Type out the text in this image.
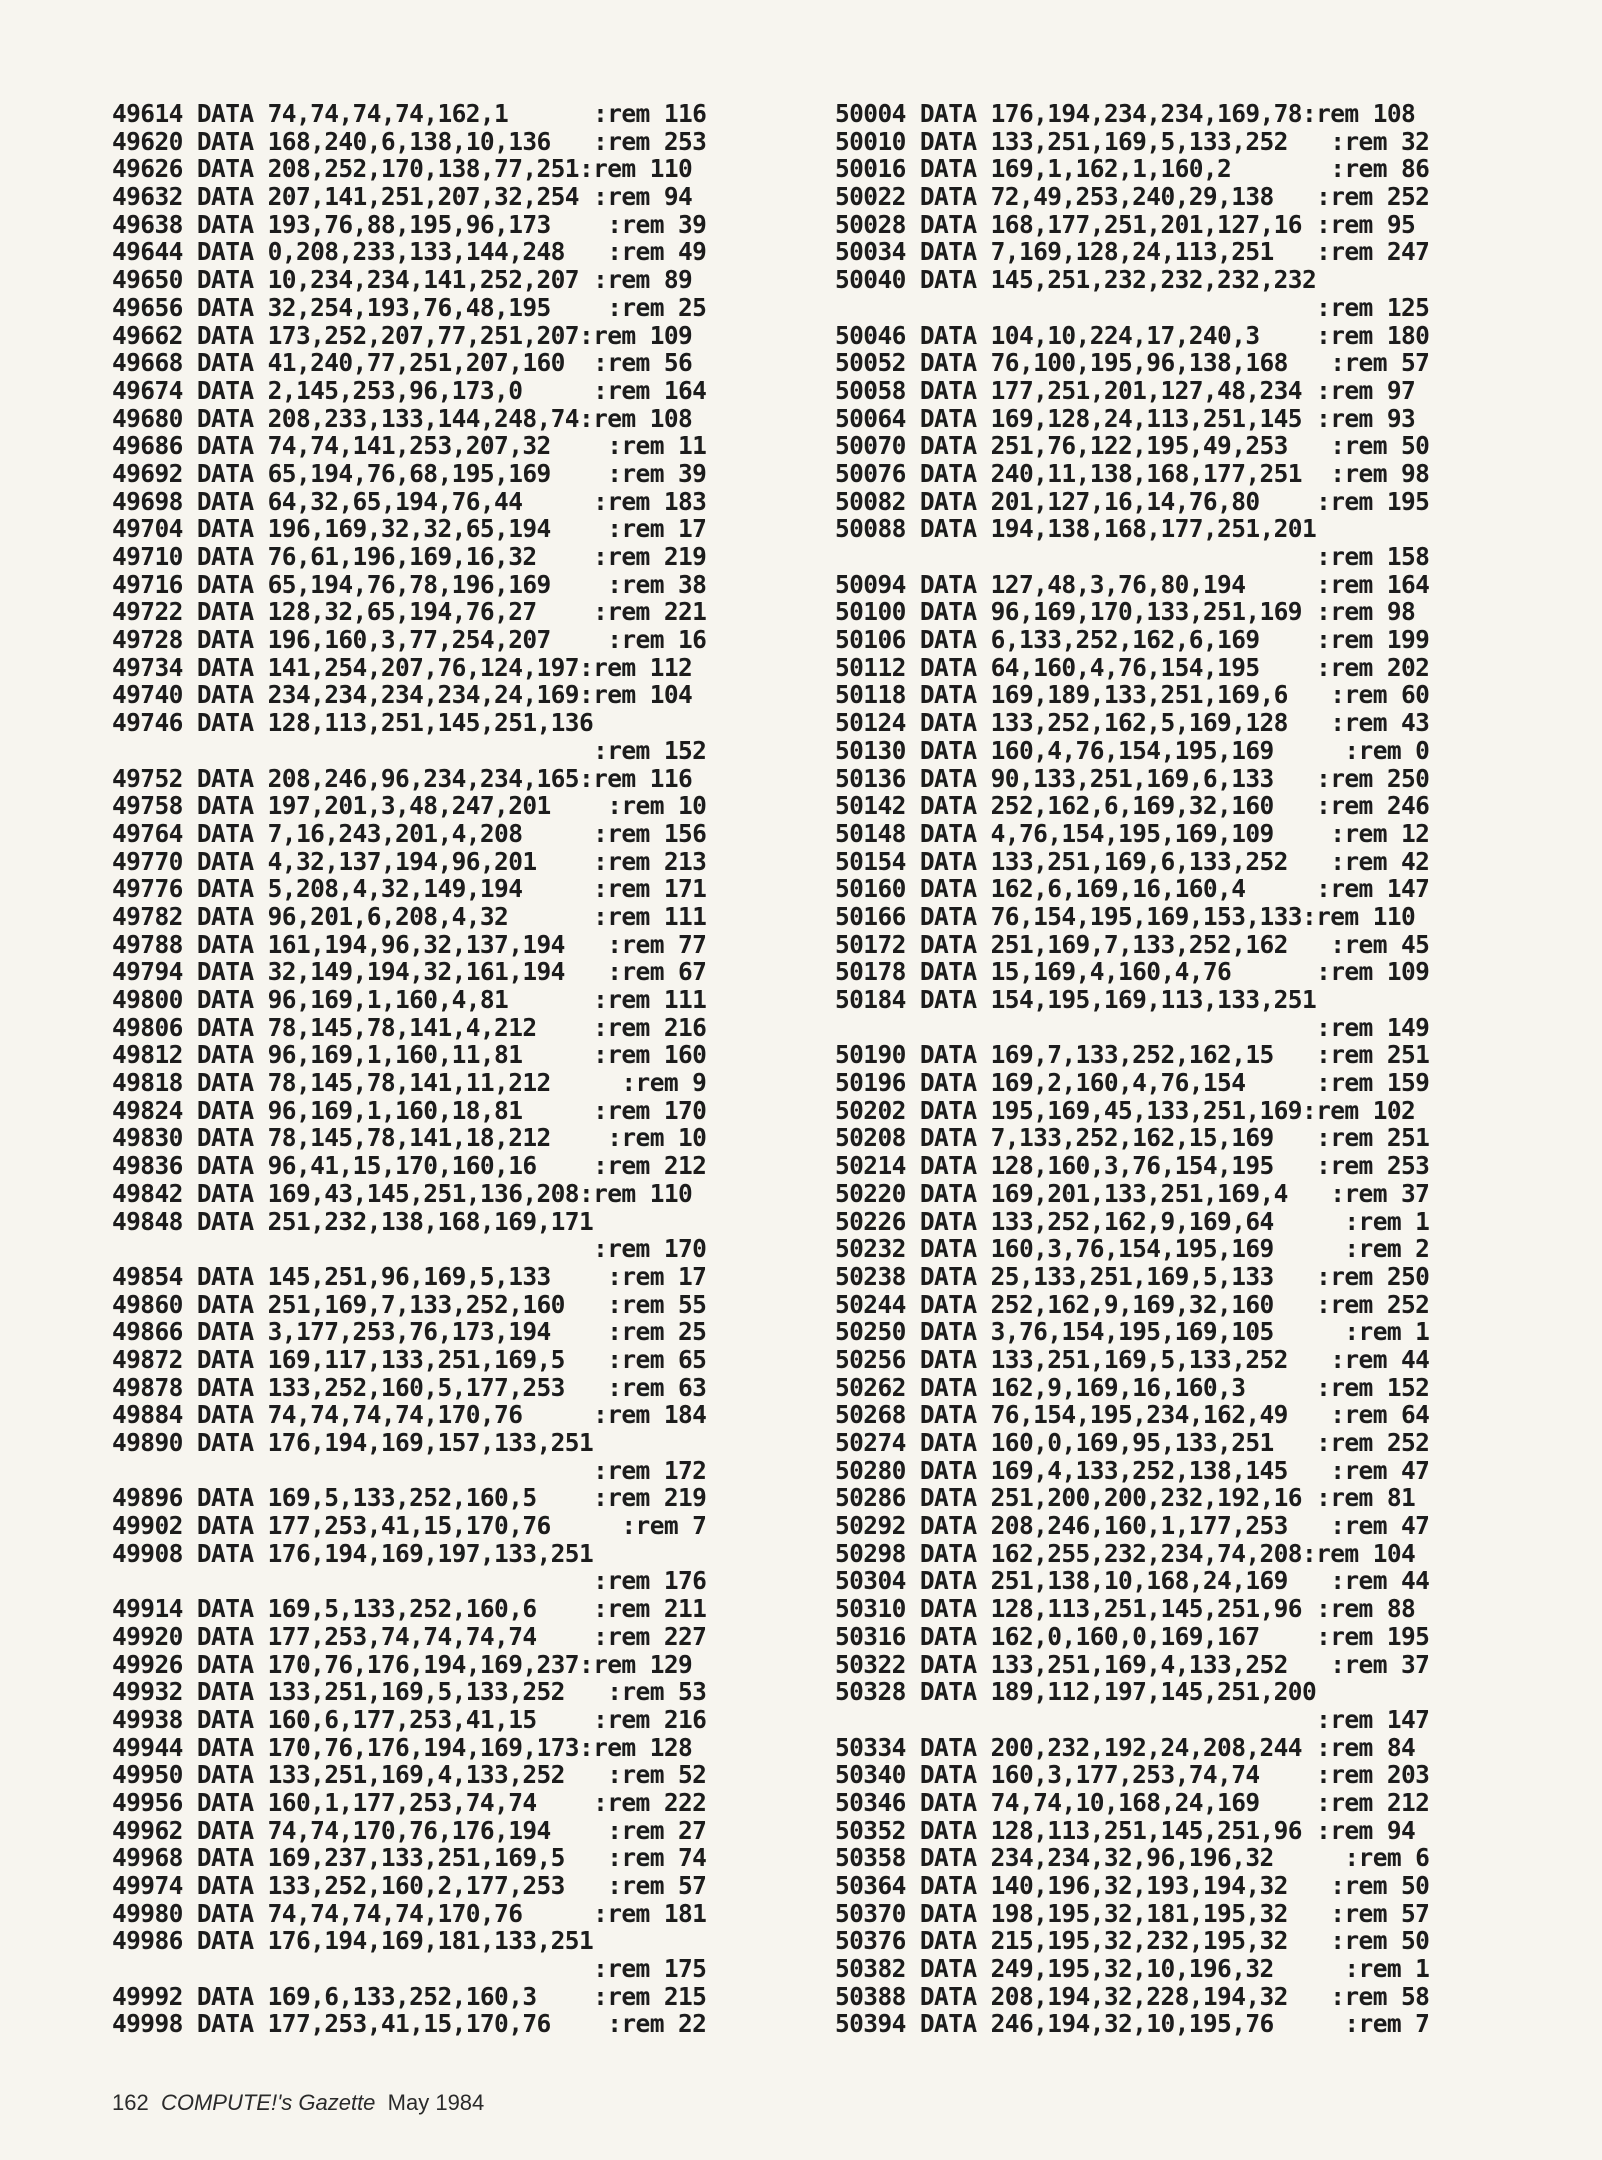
49614 DATA 74,74,74,74,162,1      :rem 116
49620 DATA 168,240,6,138,10,136   :rem 253
49626 DATA 208,252,170,138,77,251:rem 110
49632 DATA 207,141,251,207,32,254 :rem 94
49638 DATA 193,76,88,195,96,173    :rem 39
49644 DATA 0,208,233,133,144,248   :rem 49
49650 DATA 10,234,234,141,252,207 :rem 89
49656 DATA 32,254,193,76,48,195    :rem 25
49662 DATA 173,252,207,77,251,207:rem 109
49668 DATA 41,240,77,251,207,160  :rem 56
49674 DATA 2,145,253,96,173,0     :rem 164
49680 DATA 208,233,133,144,248,74:rem 108
49686 DATA 74,74,141,253,207,32    :rem 11
49692 DATA 65,194,76,68,195,169    :rem 39
49698 DATA 64,32,65,194,76,44     :rem 183
49704 DATA 196,169,32,32,65,194    :rem 17
49710 DATA 76,61,196,169,16,32    :rem 219
49716 DATA 65,194,76,78,196,169    :rem 38
49722 DATA 128,32,65,194,76,27    :rem 221
49728 DATA 196,160,3,77,254,207    :rem 16
49734 DATA 141,254,207,76,124,197:rem 112
49740 DATA 234,234,234,234,24,169:rem 104
49746 DATA 128,113,251,145,251,136
:rem 152
49752 DATA 208,246,96,234,234,165:rem 116
49758 DATA 197,201,3,48,247,201    :rem 10
49764 DATA 7,16,243,201,4,208     :rem 156
49770 DATA 4,32,137,194,96,201    :rem 213
49776 DATA 5,208,4,32,149,194     :rem 171
49782 DATA 96,201,6,208,4,32      :rem 111
49788 DATA 161,194,96,32,137,194   :rem 77
49794 DATA 32,149,194,32,161,194   :rem 67
49800 DATA 96,169,1,160,4,81      :rem 111
49806 DATA 78,145,78,141,4,212    :rem 216
49812 DATA 96,169,1,160,11,81     :rem 160
49818 DATA 78,145,78,141,11,212     :rem 9
49824 DATA 96,169,1,160,18,81     :rem 170
49830 DATA 78,145,78,141,18,212    :rem 10
49836 DATA 96,41,15,170,160,16    :rem 212
49842 DATA 169,43,145,251,136,208:rem 110
49848 DATA 251,232,138,168,169,171
:rem 170
49854 DATA 145,251,96,169,5,133    :rem 17
49860 DATA 251,169,7,133,252,160   :rem 55
49866 DATA 3,177,253,76,173,194    :rem 25
49872 DATA 169,117,133,251,169,5   :rem 65
49878 DATA 133,252,160,5,177,253   :rem 63
49884 DATA 74,74,74,74,170,76     :rem 184
49890 DATA 176,194,169,157,133,251
:rem 172
49896 DATA 169,5,133,252,160,5    :rem 219
49902 DATA 177,253,41,15,170,76     :rem 7
49908 DATA 176,194,169,197,133,251
:rem 176
49914 DATA 169,5,133,252,160,6    :rem 211
49920 DATA 177,253,74,74,74,74    :rem 227
49926 DATA 170,76,176,194,169,237:rem 129
49932 DATA 133,251,169,5,133,252   :rem 53
49938 DATA 160,6,177,253,41,15    :rem 216
49944 DATA 170,76,176,194,169,173:rem 128
49950 DATA 133,251,169,4,133,252   :rem 52
49956 DATA 160,1,177,253,74,74    :rem 222
49962 DATA 74,74,170,76,176,194    :rem 27
49968 DATA 169,237,133,251,169,5   :rem 74
49974 DATA 133,252,160,2,177,253   :rem 57
49980 DATA 74,74,74,74,170,76     :rem 181
49986 DATA 176,194,169,181,133,251
:rem 175
49992 DATA 169,6,133,252,160,3    :rem 215
49998 DATA 177,253,41,15,170,76    :rem 22
50004 DATA 176,194,234,234,169,78:rem 108
50010 DATA 133,251,169,5,133,252   :rem 32
50016 DATA 169,1,162,1,160,2       :rem 86
50022 DATA 72,49,253,240,29,138   :rem 252
50028 DATA 168,177,251,201,127,16 :rem 95
50034 DATA 7,169,128,24,113,251   :rem 247
50040 DATA 145,251,232,232,232,232
:rem 125
50046 DATA 104,10,224,17,240,3    :rem 180
50052 DATA 76,100,195,96,138,168   :rem 57
50058 DATA 177,251,201,127,48,234 :rem 97
50064 DATA 169,128,24,113,251,145 :rem 93
50070 DATA 251,76,122,195,49,253   :rem 50
50076 DATA 240,11,138,168,177,251  :rem 98
50082 DATA 201,127,16,14,76,80    :rem 195
50088 DATA 194,138,168,177,251,201
:rem 158
50094 DATA 127,48,3,76,80,194     :rem 164
50100 DATA 96,169,170,133,251,169 :rem 98
50106 DATA 6,133,252,162,6,169    :rem 199
50112 DATA 64,160,4,76,154,195    :rem 202
50118 DATA 169,189,133,251,169,6   :rem 60
50124 DATA 133,252,162,5,169,128   :rem 43
50130 DATA 160,4,76,154,195,169     :rem 0
50136 DATA 90,133,251,169,6,133   :rem 250
50142 DATA 252,162,6,169,32,160   :rem 246
50148 DATA 4,76,154,195,169,109    :rem 12
50154 DATA 133,251,169,6,133,252   :rem 42
50160 DATA 162,6,169,16,160,4     :rem 147
50166 DATA 76,154,195,169,153,133:rem 110
50172 DATA 251,169,7,133,252,162   :rem 45
50178 DATA 15,169,4,160,4,76      :rem 109
50184 DATA 154,195,169,113,133,251
:rem 149
50190 DATA 169,7,133,252,162,15   :rem 251
50196 DATA 169,2,160,4,76,154     :rem 159
50202 DATA 195,169,45,133,251,169:rem 102
50208 DATA 7,133,252,162,15,169   :rem 251
50214 DATA 128,160,3,76,154,195   :rem 253
50220 DATA 169,201,133,251,169,4   :rem 37
50226 DATA 133,252,162,9,169,64     :rem 1
50232 DATA 160,3,76,154,195,169     :rem 2
50238 DATA 25,133,251,169,5,133   :rem 250
50244 DATA 252,162,9,169,32,160   :rem 252
50250 DATA 3,76,154,195,169,105     :rem 1
50256 DATA 133,251,169,5,133,252   :rem 44
50262 DATA 162,9,169,16,160,3     :rem 152
50268 DATA 76,154,195,234,162,49   :rem 64
50274 DATA 160,0,169,95,133,251   :rem 252
50280 DATA 169,4,133,252,138,145   :rem 47
50286 DATA 251,200,200,232,192,16 :rem 81
50292 DATA 208,246,160,1,177,253   :rem 47
50298 DATA 162,255,232,234,74,208:rem 104
50304 DATA 251,138,10,168,24,169   :rem 44
50310 DATA 128,113,251,145,251,96 :rem 88
50316 DATA 162,0,160,0,169,167    :rem 195
50322 DATA 133,251,169,4,133,252   :rem 37
50328 DATA 189,112,197,145,251,200
:rem 147
50334 DATA 200,232,192,24,208,244 :rem 84
50340 DATA 160,3,177,253,74,74    :rem 203
50346 DATA 74,74,10,168,24,169    :rem 212
50352 DATA 128,113,251,145,251,96 :rem 94
50358 DATA 234,234,32,96,196,32     :rem 6
50364 DATA 140,196,32,193,194,32   :rem 50
50370 DATA 198,195,32,181,195,32   :rem 57
50376 DATA 215,195,32,232,195,32   :rem 50
50382 DATA 249,195,32,10,196,32     :rem 1
50388 DATA 208,194,32,228,194,32   :rem 58
50394 DATA 246,194,32,10,195,76     :rem 7
162 COMPUTE!'s Gazette May 1984
